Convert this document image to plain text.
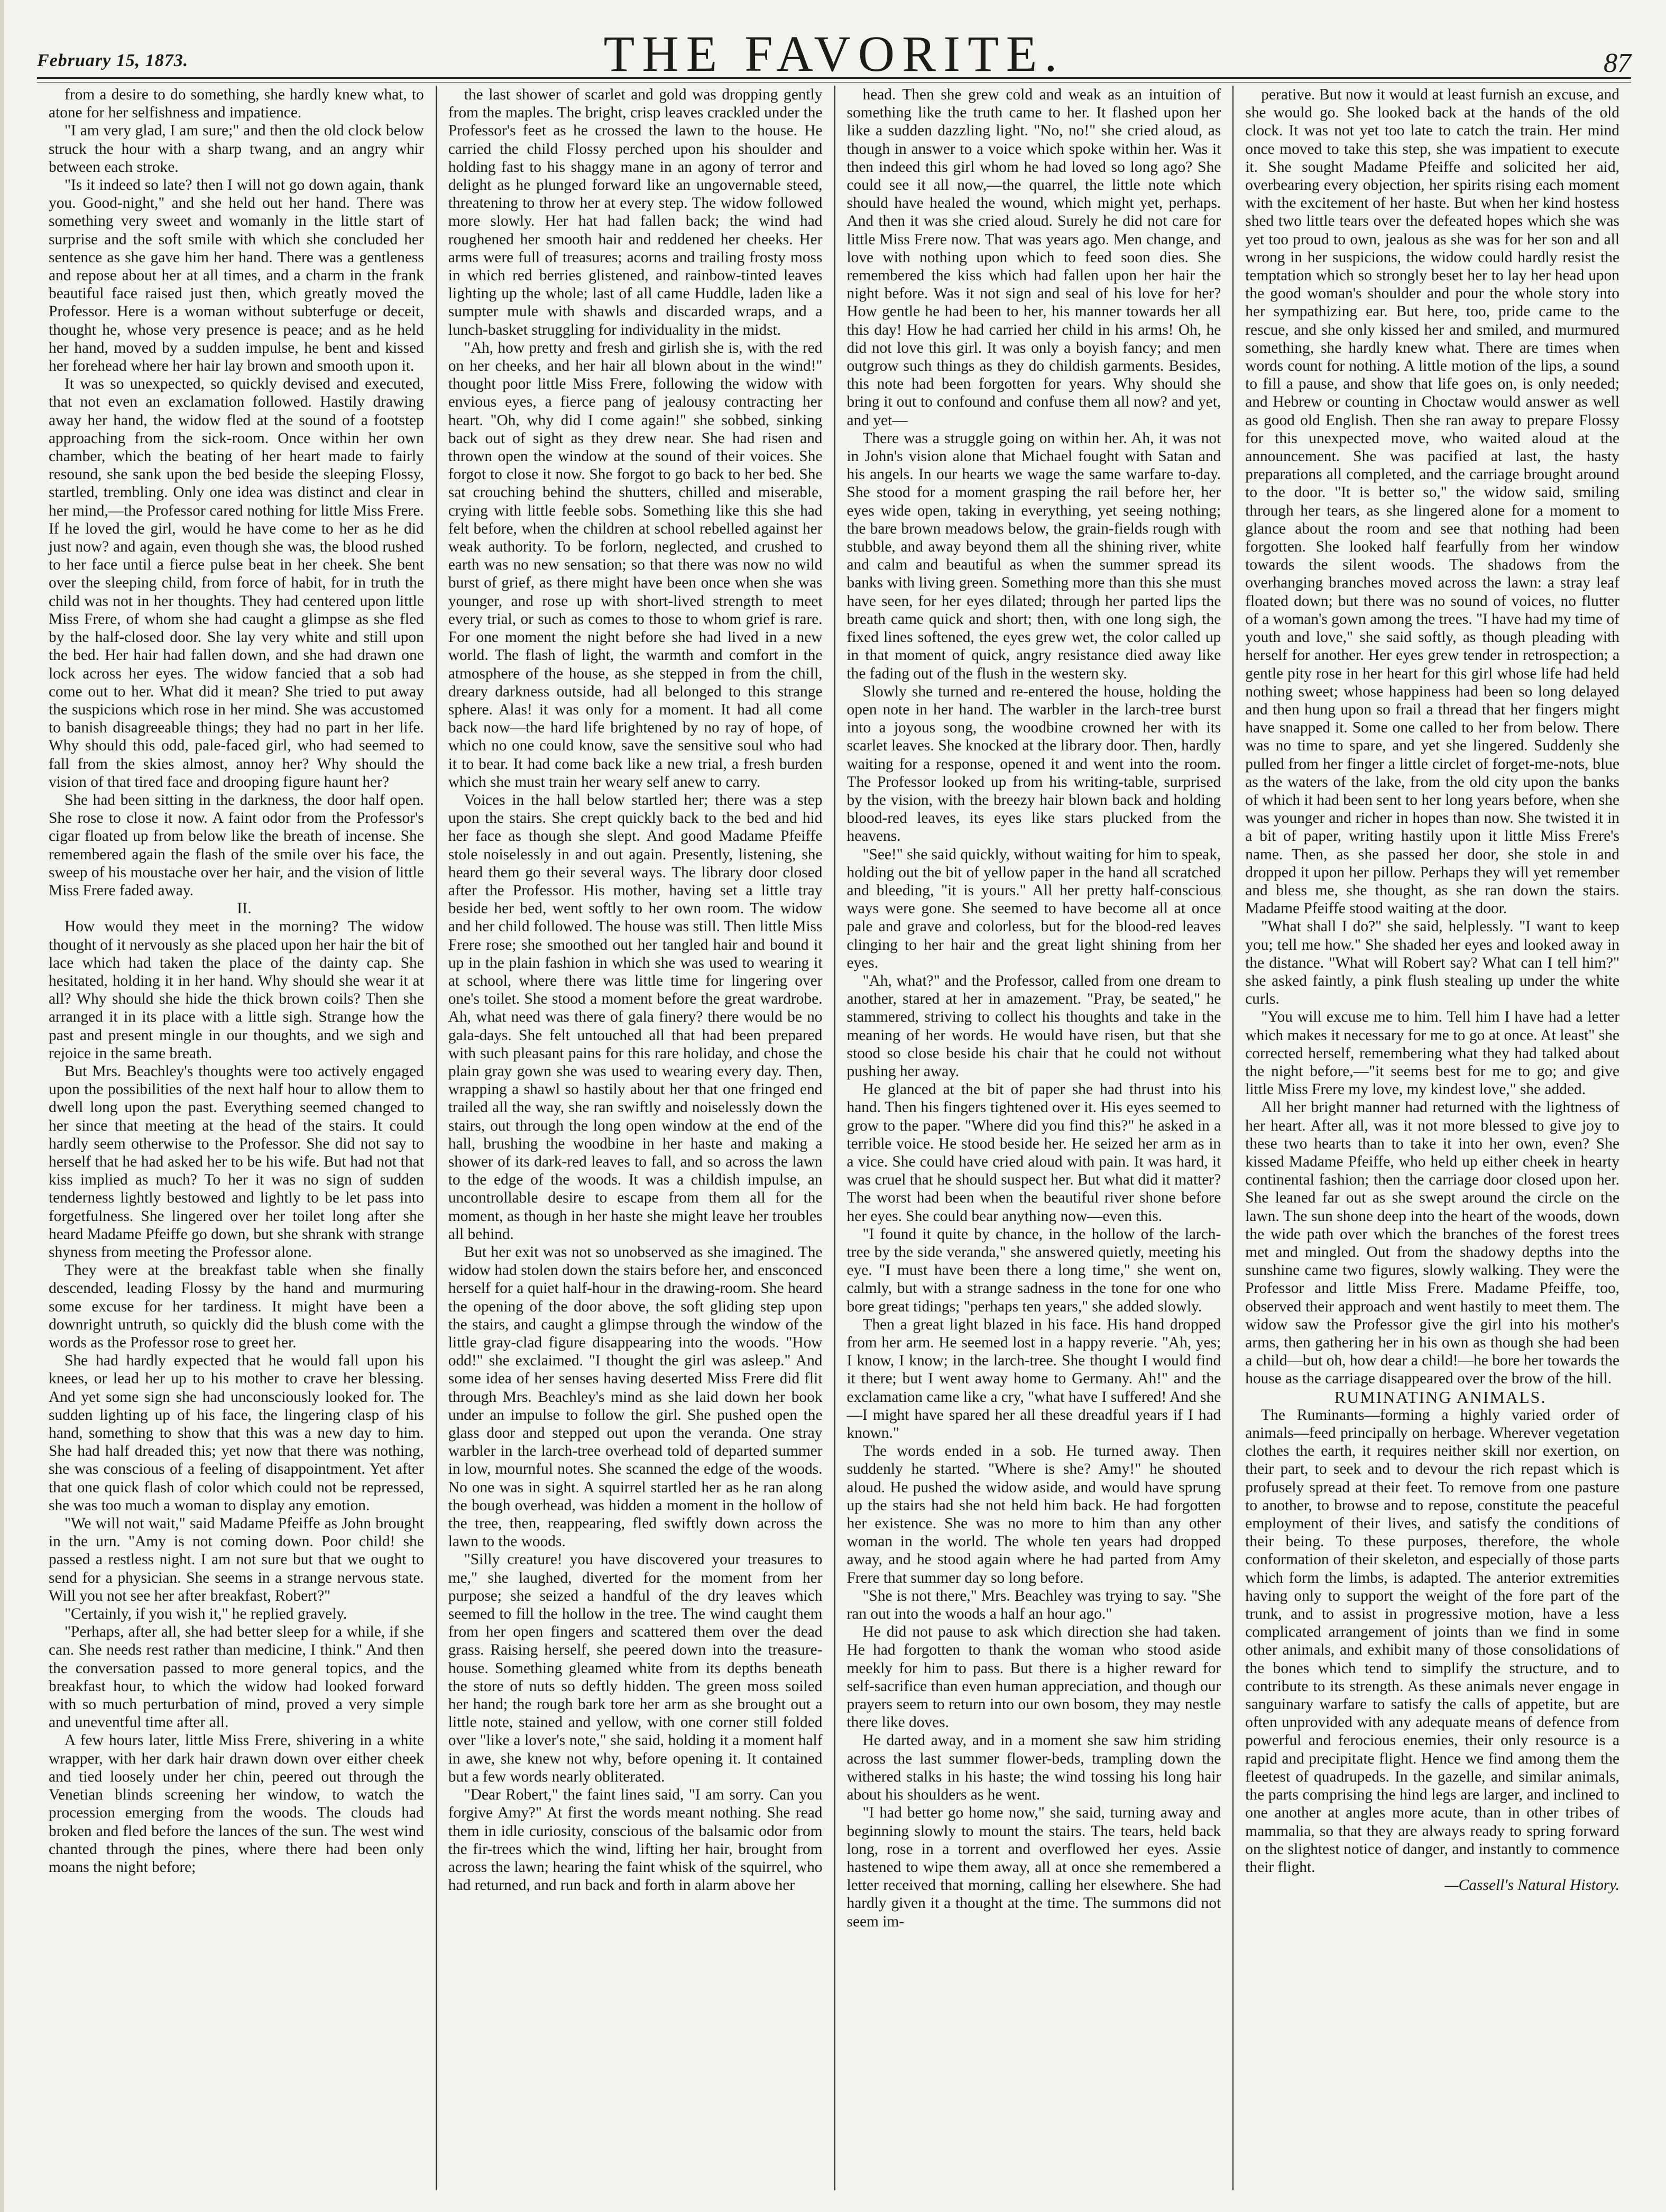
February 15, 1873.	THE FAVORITE.	87

from a desire to do something, she hardly knew what, to atone for her selfishness and impatience.

"I am very glad, I am sure;" and then the old clock below struck the hour with a sharp twang, and an angry whir between each stroke.

"Is it indeed so late? then I will not go down again, thank you. Good-night," and she held out her hand. There was something very sweet and womanly in the little start of surprise and the soft smile with which she concluded her sentence as she gave him her hand. There was a gentleness and repose about her at all times, and a charm in the frank beautiful face raised just then, which greatly moved the Professor. Here is a woman without subterfuge or deceit, thought he, whose very presence is peace; and as he held her hand, moved by a sudden impulse, he bent and kissed her forehead where her hair lay brown and smooth upon it.

It was so unexpected, so quickly devised and executed, that not even an exclamation followed. Hastily drawing away her hand, the widow fled at the sound of a footstep approaching from the sick-room. Once within her own chamber, which the beating of her heart made to fairly resound, she sank upon the bed beside the sleeping Flossy, startled, trembling. Only one idea was distinct and clear in her mind,—the Professor cared nothing for little Miss Frere. If he loved the girl, would he have come to her as he did just now? and again, even though she was, the blood rushed to her face until a fierce pulse beat in her cheek. She bent over the sleeping child, from force of habit, for in truth the child was not in her thoughts. They had centered upon little Miss Frere, of whom she had caught a glimpse as she fled by the half-closed door. She lay very white and still upon the bed. Her hair had fallen down, and she had drawn one lock across her eyes. The widow fancied that a sob had come out to her. What did it mean? She tried to put away the suspicions which rose in her mind. She was accustomed to banish disagreeable things; they had no part in her life. Why should this odd, pale-faced girl, who had seemed to fall from the skies almost, annoy her? Why should the vision of that tired face and drooping figure haunt her?

She had been sitting in the darkness, the door half open. She rose to close it now. A faint odor from the Professor's cigar floated up from below like the breath of incense. She remembered again the flash of the smile over his face, the sweep of his moustache over her hair, and the vision of little Miss Frere faded away.

II.

How would they meet in the morning? The widow thought of it nervously as she placed upon her hair the bit of lace which had taken the place of the dainty cap. She hesitated, holding it in her hand. Why should she wear it at all? Why should she hide the thick brown coils? Then she arranged it in its place with a little sigh. Strange how the past and present mingle in our thoughts, and we sigh and rejoice in the same breath.

But Mrs. Beachley's thoughts were too actively engaged upon the possibilities of the next half hour to allow them to dwell long upon the past. Everything seemed changed to her since that meeting at the head of the stairs. It could hardly seem otherwise to the Professor. She did not say to herself that he had asked her to be his wife. But had not that kiss implied as much? To her it was no sign of sudden tenderness lightly bestowed and lightly to be let pass into forgetfulness. She lingered over her toilet long after she heard Madame Pfeiffe go down, but she shrank with strange shyness from meeting the Professor alone.

They were at the breakfast table when she finally descended, leading Flossy by the hand and murmuring some excuse for her tardiness. It might have been a downright untruth, so quickly did the blush come with the words as the Professor rose to greet her.

She had hardly expected that he would fall upon his knees, or lead her up to his mother to crave her blessing. And yet some sign she had unconsciously looked for. The sudden lighting up of his face, the lingering clasp of his hand, something to show that this was a new day to him. She had half dreaded this; yet now that there was nothing, she was conscious of a feeling of disappointment. Yet after that one quick flash of color which could not be repressed, she was too much a woman to display any emotion.

"We will not wait," said Madame Pfeiffe as John brought in the urn. "Amy is not coming down. Poor child! she passed a restless night. I am not sure but that we ought to send for a physician. She seems in a strange nervous state. Will you not see her after breakfast, Robert?"

"Certainly, if you wish it," he replied gravely.

"Perhaps, after all, she had better sleep for a while, if she can. She needs rest rather than medicine, I think." And then the conversation passed to more general topics, and the breakfast hour, to which the widow had looked forward with so much perturbation of mind, proved a very simple and uneventful time after all.

A few hours later, little Miss Frere, shivering in a white wrapper, with her dark hair drawn down over either cheek and tied loosely under her chin, peered out through the Venetian blinds screening her window, to watch the procession emerging from the woods. The clouds had broken and fled before the lances of the sun. The west wind chanted through the pines, where there had been only moans the night before;

the last shower of scarlet and gold was dropping gently from the maples. The bright, crisp leaves crackled under the Professor's feet as he crossed the lawn to the house. He carried the child Flossy perched upon his shoulder and holding fast to his shaggy mane in an agony of terror and delight as he plunged forward like an ungovernable steed, threatening to throw her at every step. The widow followed more slowly. Her hat had fallen back; the wind had roughened her smooth hair and reddened her cheeks. Her arms were full of treasures; acorns and trailing frosty moss in which red berries glistened, and rainbow-tinted leaves lighting up the whole; last of all came Huddle, laden like a sumpter mule with shawls and discarded wraps, and a lunch-basket struggling for individuality in the midst.

"Ah, how pretty and fresh and girlish she is, with the red on her cheeks, and her hair all blown about in the wind!" thought poor little Miss Frere, following the widow with envious eyes, a fierce pang of jealousy contracting her heart. "Oh, why did I come again!" she sobbed, sinking back out of sight as they drew near. She had risen and thrown open the window at the sound of their voices. She forgot to close it now. She forgot to go back to her bed. She sat crouching behind the shutters, chilled and miserable, crying with little feeble sobs. Something like this she had felt before, when the children at school rebelled against her weak authority. To be forlorn, neglected, and crushed to earth was no new sensation; so that there was now no wild burst of grief, as there might have been once when she was younger, and rose up with short-lived strength to meet every trial, or such as comes to those to whom grief is rare. For one moment the night before she had lived in a new world. The flash of light, the warmth and comfort in the atmosphere of the house, as she stepped in from the chill, dreary darkness outside, had all belonged to this strange sphere. Alas! it was only for a moment. It had all come back now—the hard life brightened by no ray of hope, of which no one could know, save the sensitive soul who had it to bear. It had come back like a new trial, a fresh burden which she must train her weary self anew to carry.

Voices in the hall below startled her; there was a step upon the stairs. She crept quickly back to the bed and hid her face as though she slept. And good Madame Pfeiffe stole noiselessly in and out again. Presently, listening, she heard them go their several ways. The library door closed after the Professor. His mother, having set a little tray beside her bed, went softly to her own room. The widow and her child followed. The house was still. Then little Miss Frere rose; she smoothed out her tangled hair and bound it up in the plain fashion in which she was used to wearing it at school, where there was little time for lingering over one's toilet. She stood a moment before the great wardrobe. Ah, what need was there of gala finery? there would be no gala-days. She felt untouched all that had been prepared with such pleasant pains for this rare holiday, and chose the plain gray gown she was used to wearing every day. Then, wrapping a shawl so hastily about her that one fringed end trailed all the way, she ran swiftly and noiselessly down the stairs, out through the long open window at the end of the hall, brushing the woodbine in her haste and making a shower of its dark-red leaves to fall, and so across the lawn to the edge of the woods. It was a childish impulse, an uncontrollable desire to escape from them all for the moment, as though in her haste she might leave her troubles all behind.

But her exit was not so unobserved as she imagined. The widow had stolen down the stairs before her, and ensconced herself for a quiet half-hour in the drawing-room. She heard the opening of the door above, the soft gliding step upon the stairs, and caught a glimpse through the window of the little gray-clad figure disappearing into the woods. "How odd!" she exclaimed. "I thought the girl was asleep." And some idea of her senses having deserted Miss Frere did flit through Mrs. Beachley's mind as she laid down her book under an impulse to follow the girl. She pushed open the glass door and stepped out upon the veranda. One stray warbler in the larch-tree overhead told of departed summer in low, mournful notes. She scanned the edge of the woods. No one was in sight. A squirrel startled her as he ran along the bough overhead, was hidden a moment in the hollow of the tree, then, reappearing, fled swiftly down across the lawn to the woods.

"Silly creature! you have discovered your treasures to me," she laughed, diverted for the moment from her purpose; she seized a handful of the dry leaves which seemed to fill the hollow in the tree. The wind caught them from her open fingers and scattered them over the dead grass. Raising herself, she peered down into the treasure-house. Something gleamed white from its depths beneath the store of nuts so deftly hidden. The green moss soiled her hand; the rough bark tore her arm as she brought out a little note, stained and yellow, with one corner still folded over "like a lover's note," she said, holding it a moment half in awe, she knew not why, before opening it. It contained but a few words nearly obliterated.

"Dear Robert," the faint lines said, "I am sorry. Can you forgive Amy?" At first the words meant nothing. She read them in idle curiosity, conscious of the balsamic odor from the fir-trees which the wind, lifting her hair, brought from across the lawn; hearing the faint whisk of the squirrel, who had returned, and run back and forth in alarm above her

head. Then she grew cold and weak as an intuition of something like the truth came to her. It flashed upon her like a sudden dazzling light. "No, no!" she cried aloud, as though in answer to a voice which spoke within her. Was it then indeed this girl whom he had loved so long ago? She could see it all now,—the quarrel, the little note which should have healed the wound, which might yet, perhaps. And then it was she cried aloud. Surely he did not care for little Miss Frere now. That was years ago. Men change, and love with nothing upon which to feed soon dies. She remembered the kiss which had fallen upon her hair the night before. Was it not sign and seal of his love for her? How gentle he had been to her, his manner towards her all this day! How he had carried her child in his arms! Oh, he did not love this girl. It was only a boyish fancy; and men outgrow such things as they do childish garments. Besides, this note had been forgotten for years. Why should she bring it out to confound and confuse them all now? and yet, and yet—

There was a struggle going on within her. Ah, it was not in John's vision alone that Michael fought with Satan and his angels. In our hearts we wage the same warfare to-day. She stood for a moment grasping the rail before her, her eyes wide open, taking in everything, yet seeing nothing; the bare brown meadows below, the grain-fields rough with stubble, and away beyond them all the shining river, white and calm and beautiful as when the summer spread its banks with living green. Something more than this she must have seen, for her eyes dilated; through her parted lips the breath came quick and short; then, with one long sigh, the fixed lines softened, the eyes grew wet, the color called up in that moment of quick, angry resistance died away like the fading out of the flush in the western sky.

Slowly she turned and re-entered the house, holding the open note in her hand. The warbler in the larch-tree burst into a joyous song, the woodbine crowned her with its scarlet leaves. She knocked at the library door. Then, hardly waiting for a response, opened it and went into the room. The Professor looked up from his writing-table, surprised by the vision, with the breezy hair blown back and holding blood-red leaves, its eyes like stars plucked from the heavens.

"See!" she said quickly, without waiting for him to speak, holding out the bit of yellow paper in the hand all scratched and bleeding, "it is yours." All her pretty half-conscious ways were gone. She seemed to have become all at once pale and grave and colorless, but for the blood-red leaves clinging to her hair and the great light shining from her eyes.

"Ah, what?" and the Professor, called from one dream to another, stared at her in amazement. "Pray, be seated," he stammered, striving to collect his thoughts and take in the meaning of her words. He would have risen, but that she stood so close beside his chair that he could not without pushing her away.

He glanced at the bit of paper she had thrust into his hand. Then his fingers tightened over it. His eyes seemed to grow to the paper. "Where did you find this?" he asked in a terrible voice. He stood beside her. He seized her arm as in a vice. She could have cried aloud with pain. It was hard, it was cruel that he should suspect her. But what did it matter? The worst had been when the beautiful river shone before her eyes. She could bear anything now—even this.

"I found it quite by chance, in the hollow of the larch-tree by the side veranda," she answered quietly, meeting his eye. "I must have been there a long time," she went on, calmly, but with a strange sadness in the tone for one who bore great tidings; "perhaps ten years," she added slowly.

Then a great light blazed in his face. His hand dropped from her arm. He seemed lost in a happy reverie. "Ah, yes; I know, I know; in the larch-tree. She thought I would find it there; but I went away home to Germany. Ah!" and the exclamation came like a cry, "what have I suffered! And she—I might have spared her all these dreadful years if I had known."

The words ended in a sob. He turned away. Then suddenly he started. "Where is she? Amy!" he shouted aloud. He pushed the widow aside, and would have sprung up the stairs had she not held him back. He had forgotten her existence. She was no more to him than any other woman in the world. The whole ten years had dropped away, and he stood again where he had parted from Amy Frere that summer day so long before.

"She is not there," Mrs. Beachley was trying to say. "She ran out into the woods a half an hour ago."

He did not pause to ask which direction she had taken. He had forgotten to thank the woman who stood aside meekly for him to pass. But there is a higher reward for self-sacrifice than even human appreciation, and though our prayers seem to return into our own bosom, they may nestle there like doves.

He darted away, and in a moment she saw him striding across the last summer flower-beds, trampling down the withered stalks in his haste; the wind tossing his long hair about his shoulders as he went.

"I had better go home now," she said, turning away and beginning slowly to mount the stairs. The tears, held back long, rose in a torrent and overflowed her eyes. Assie hastened to wipe them away, all at once she remembered a letter received that morning, calling her elsewhere. She had hardly given it a thought at the time. The summons did not seem im-

perative. But now it would at least furnish an excuse, and she would go. She looked back at the hands of the old clock. It was not yet too late to catch the train. Her mind once moved to take this step, she was impatient to execute it. She sought Madame Pfeiffe and solicited her aid, overbearing every objection, her spirits rising each moment with the excitement of her haste. But when her kind hostess shed two little tears over the defeated hopes which she was yet too proud to own, jealous as she was for her son and all wrong in her suspicions, the widow could hardly resist the temptation which so strongly beset her to lay her head upon the good woman's shoulder and pour the whole story into her sympathizing ear. But here, too, pride came to the rescue, and she only kissed her and smiled, and murmured something, she hardly knew what. There are times when words count for nothing. A little motion of the lips, a sound to fill a pause, and show that life goes on, is only needed; and Hebrew or counting in Choctaw would answer as well as good old English. Then she ran away to prepare Flossy for this unexpected move, who waited aloud at the announcement. She was pacified at last, the hasty preparations all completed, and the carriage brought around to the door. "It is better so," the widow said, smiling through her tears, as she lingered alone for a moment to glance about the room and see that nothing had been forgotten. She looked half fearfully from her window towards the silent woods. The shadows from the overhanging branches moved across the lawn: a stray leaf floated down; but there was no sound of voices, no flutter of a woman's gown among the trees. "I have had my time of youth and love," she said softly, as though pleading with herself for another. Her eyes grew tender in retrospection; a gentle pity rose in her heart for this girl whose life had held nothing sweet; whose happiness had been so long delayed and then hung upon so frail a thread that her fingers might have snapped it. Some one called to her from below. There was no time to spare, and yet she lingered. Suddenly she pulled from her finger a little circlet of forget-me-nots, blue as the waters of the lake, from the old city upon the banks of which it had been sent to her long years before, when she was younger and richer in hopes than now. She twisted it in a bit of paper, writing hastily upon it little Miss Frere's name. Then, as she passed her door, she stole in and dropped it upon her pillow. Perhaps they will yet remember and bless me, she thought, as she ran down the stairs. Madame Pfeiffe stood waiting at the door.

"What shall I do?" she said, helplessly. "I want to keep you; tell me how." She shaded her eyes and looked away in the distance. "What will Robert say? What can I tell him?" she asked faintly, a pink flush stealing up under the white curls.

"You will excuse me to him. Tell him I have had a letter which makes it necessary for me to go at once. At least" she corrected herself, remembering what they had talked about the night before,—"it seems best for me to go; and give little Miss Frere my love, my kindest love," she added.

All her bright manner had returned with the lightness of her heart. After all, was it not more blessed to give joy to these two hearts than to take it into her own, even? She kissed Madame Pfeiffe, who held up either cheek in hearty continental fashion; then the carriage door closed upon her. She leaned far out as she swept around the circle on the lawn. The sun shone deep into the heart of the woods, down the wide path over which the branches of the forest trees met and mingled. Out from the shadowy depths into the sunshine came two figures, slowly walking. They were the Professor and little Miss Frere. Madame Pfeiffe, too, observed their approach and went hastily to meet them. The widow saw the Professor give the girl into his mother's arms, then gathering her in his own as though she had been a child—but oh, how dear a child!—he bore her towards the house as the carriage disappeared over the brow of the hill.

RUMINATING ANIMALS.

The Ruminants—forming a highly varied order of animals—feed principally on herbage. Wherever vegetation clothes the earth, it requires neither skill nor exertion, on their part, to seek and to devour the rich repast which is profusely spread at their feet. To remove from one pasture to another, to browse and to repose, constitute the peaceful employment of their lives, and satisfy the conditions of their being. To these purposes, therefore, the whole conformation of their skeleton, and especially of those parts which form the limbs, is adapted. The anterior extremities having only to support the weight of the fore part of the trunk, and to assist in progressive motion, have a less complicated arrangement of joints than we find in some other animals, and exhibit many of those consolidations of the bones which tend to simplify the structure, and to contribute to its strength. As these animals never engage in sanguinary warfare to satisfy the calls of appetite, but are often unprovided with any adequate means of defence from powerful and ferocious enemies, their only resource is a rapid and precipitate flight. Hence we find among them the fleetest of quadrupeds. In the gazelle, and similar animals, the parts comprising the hind legs are larger, and inclined to one another at angles more acute, than in other tribes of mammalia, so that they are always ready to spring forward on the slightest notice of danger, and instantly to commence their flight.

—Cassell's Natural History.
